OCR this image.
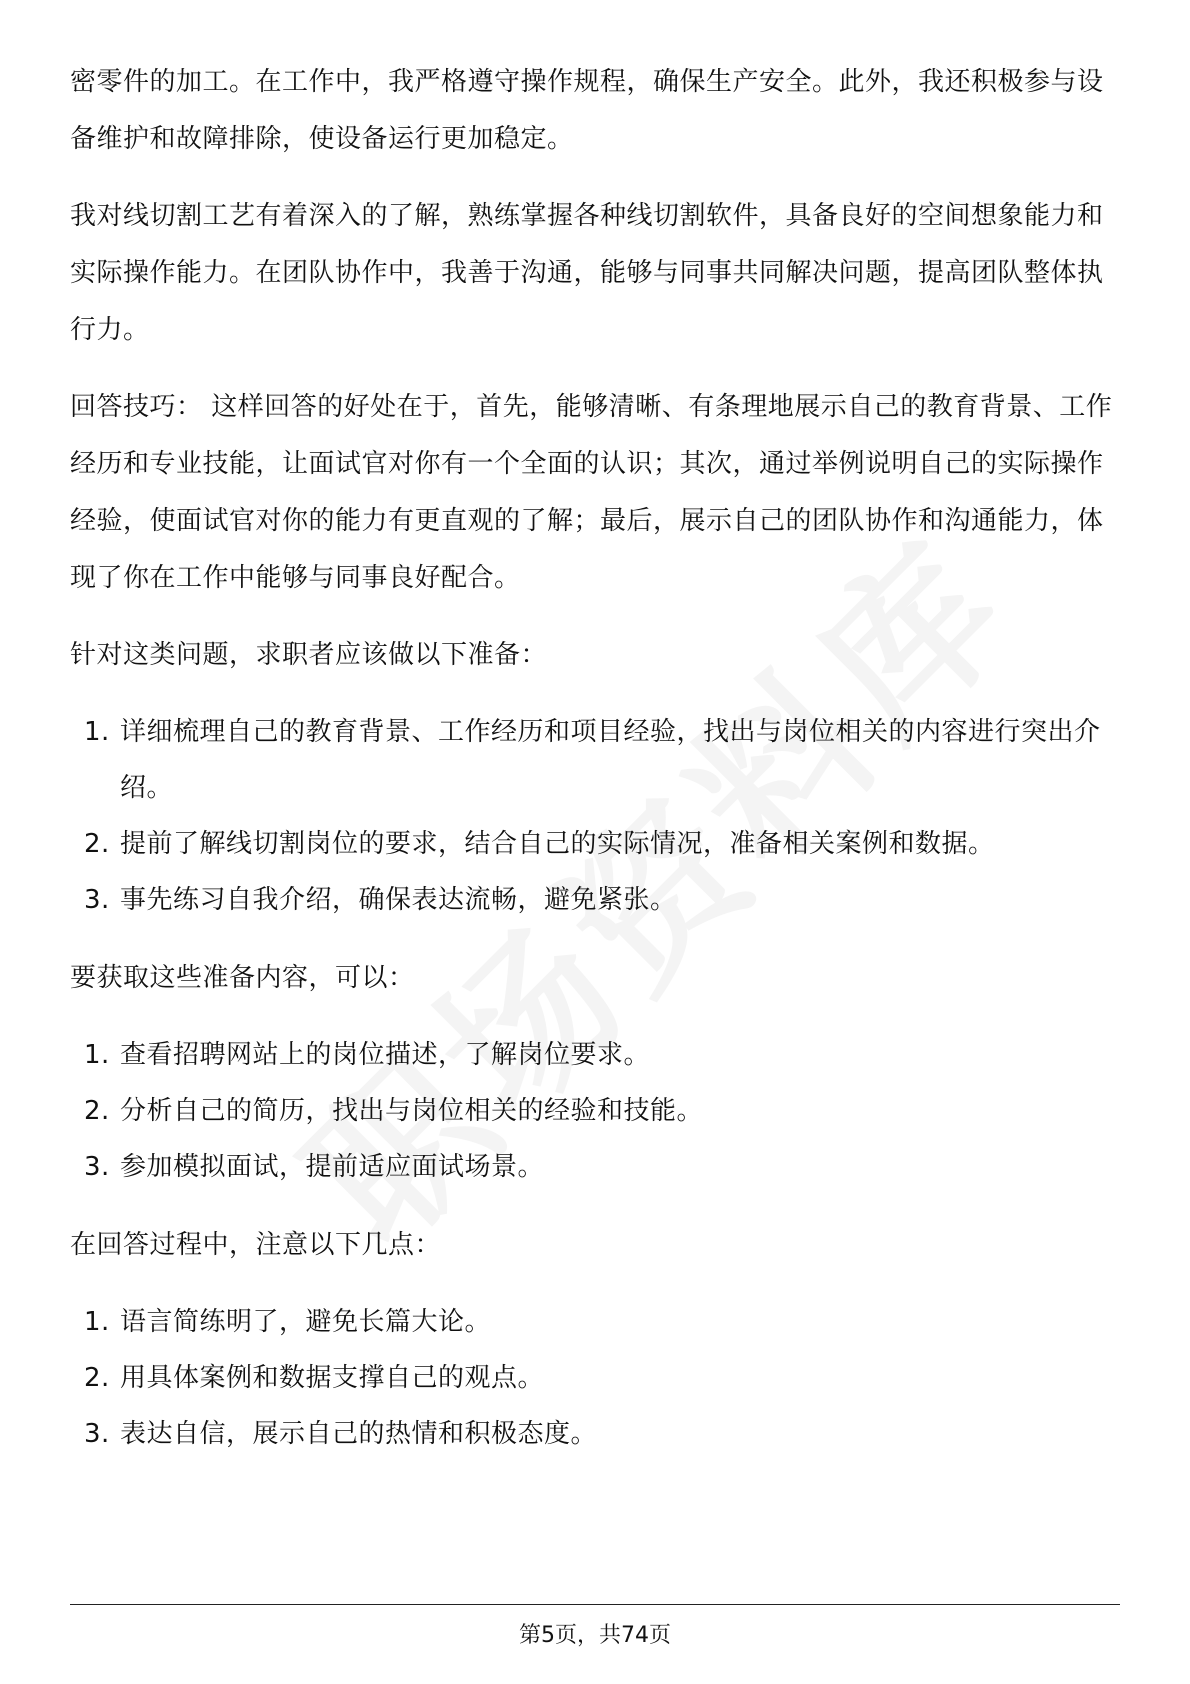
密零件的加工。在工作中，我严格遵守操作规程，确保生产安全。此外，我还积极参与设备维护和故障排除，使设备运行更加稳定。

我对线切割工艺有着深入的了解，熟练掌握各种线切割软件，具备良好的空间想象能力和实际操作能力。在团队协作中，我善于沟通，能够与同事共同解决问题，提高团队整体执行力。

回答技巧： 这样回答的好处在于，首先，能够清晰、有条理地展示自己的教育背景、工作经历和专业技能，让面试官对你有一个全面的认识；其次，通过举例说明自己的实际操作经验，使面试官对你的能力有更直观的了解；最后，展示自己的团队协作和沟通能力，体现了你在工作中能够与同事良好配合。

针对这类问题，求职者应该做以下准备：

1. 详细梳理自己的教育背景、工作经历和项目经验，找出与岗位相关的内容进行突出介绍。
2. 提前了解线切割岗位的要求，结合自己的实际情况，准备相关案例和数据。
3. 事先练习自我介绍，确保表达流畅，避免紧张。

要获取这些准备内容，可以：

1. 查看招聘网站上的岗位描述，了解岗位要求。
2. 分析自己的简历，找出与岗位相关的经验和技能。
3. 参加模拟面试，提前适应面试场景。

在回答过程中，注意以下几点：

1. 语言简练明了，避免长篇大论。
2. 用具体案例和数据支撑自己的观点。
3. 表达自信，展示自己的热情和积极态度。
第5页，共74页
